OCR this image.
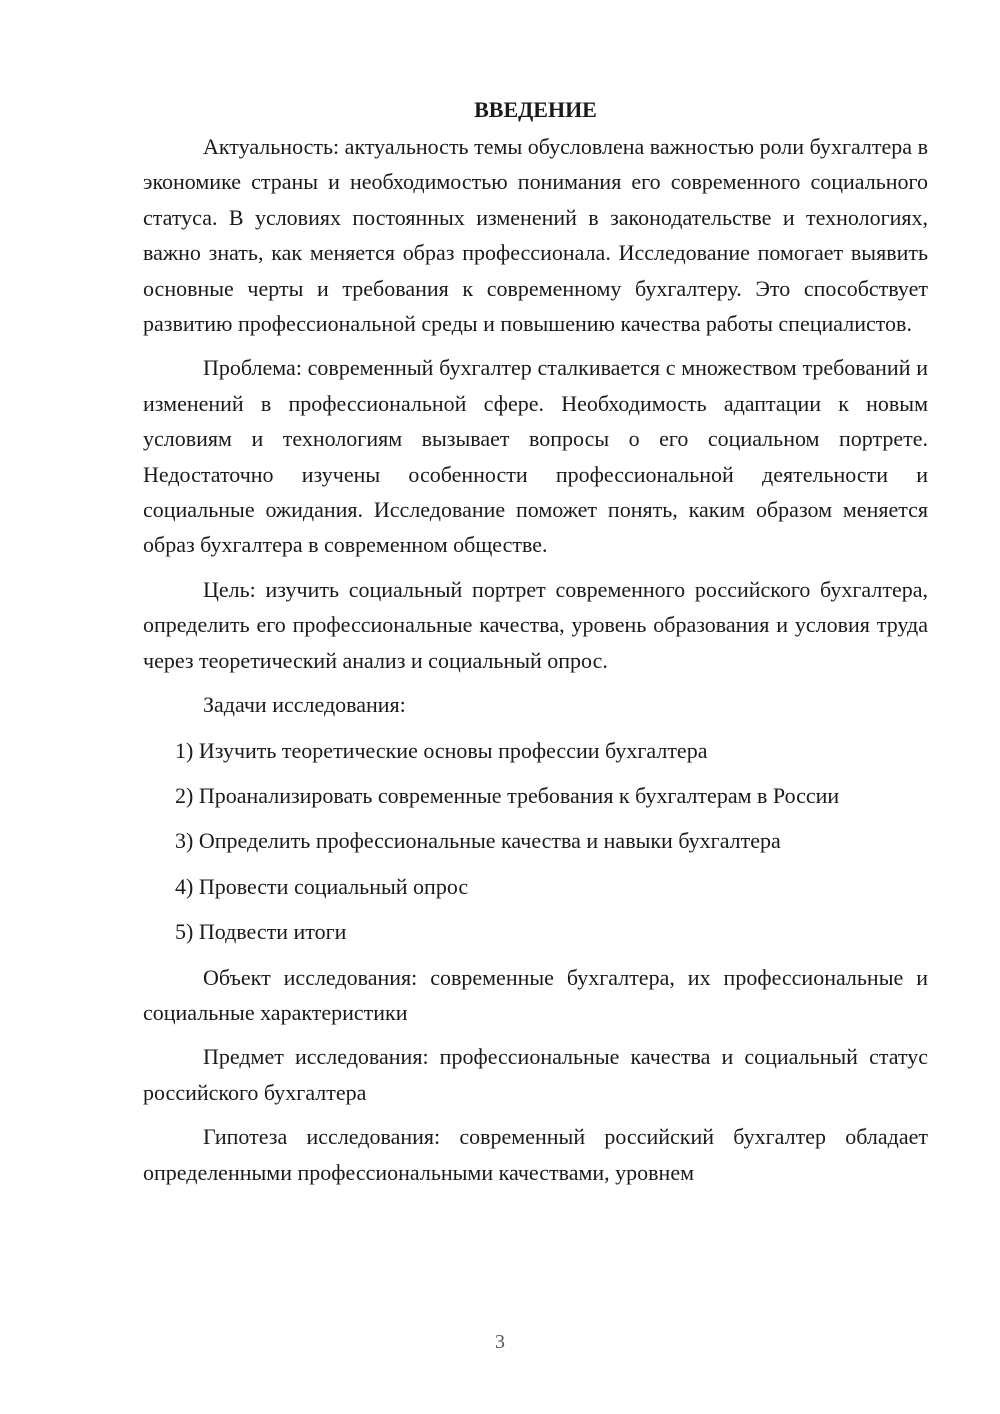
ВВЕДЕНИЕ

Актуальность: актуальность темы обусловлена важностью роли бухгалтера в экономике страны и необходимостью понимания его современного социального статуса. В условиях постоянных изменений в законодательстве и технологиях, важно знать, как меняется образ профессионала. Исследование помогает выявить основные черты и требования к современному бухгалтеру. Это способствует развитию профессиональной среды и повышению качества работы специалистов.

Проблема: современный бухгалтер сталкивается с множеством требований и изменений в профессиональной сфере. Необходимость адаптации к новым условиям и технологиям вызывает вопросы о его социальном портрете. Недостаточно изучены особенности профессиональной деятельности и социальные ожидания. Исследование поможет понять, каким образом меняется образ бухгалтера в современном обществе.

Цель: изучить социальный портрет современного российского бухгалтера, определить его профессиональные качества, уровень образования и условия труда через теоретический анализ и социальный опрос.

Задачи исследования:

1) Изучить теоретические основы профессии бухгалтера
2) Проанализировать современные требования к бухгалтерам в России
3) Определить профессиональные качества и навыки бухгалтера
4) Провести социальный опрос
5) Подвести итоги

Объект исследования: современные бухгалтера, их профессиональные и социальные характеристики

Предмет исследования: профессиональные качества и социальный статус российского бухгалтера

Гипотеза исследования: современный российский бухгалтер обладает определенными профессиональными качествами, уровнем

3
